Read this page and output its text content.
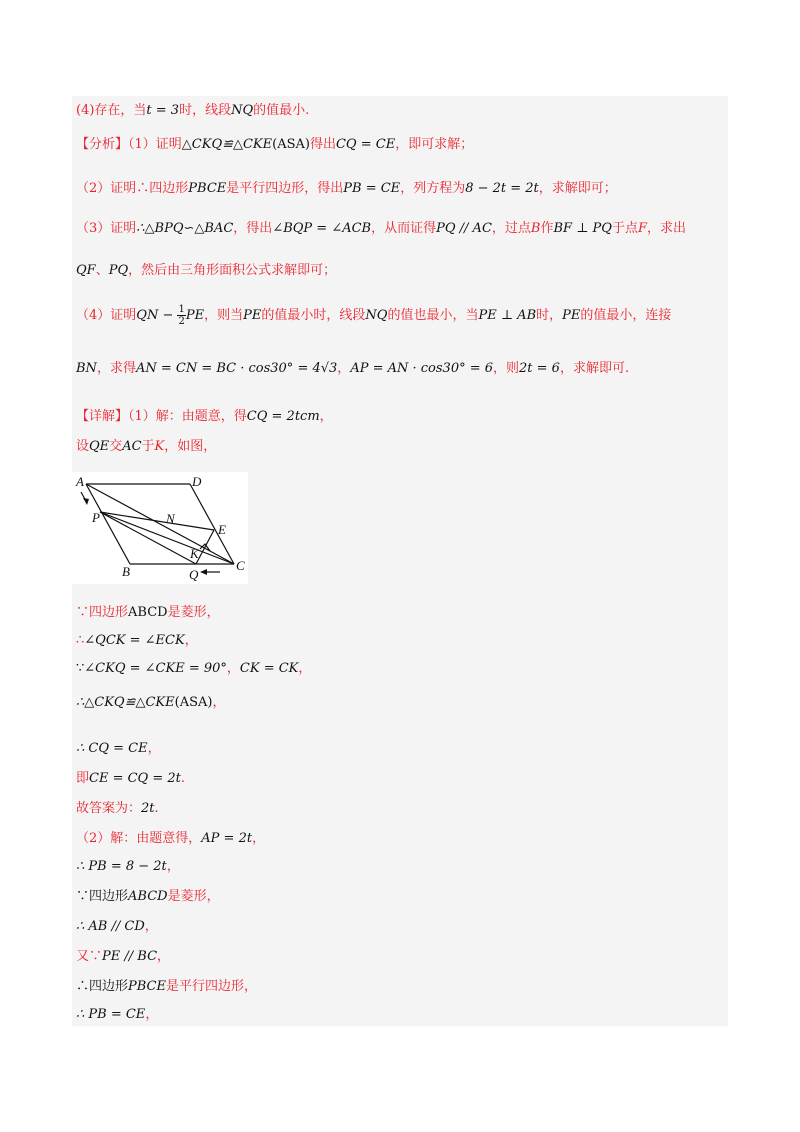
(4)存在，当t = 3时，线段NQ的值最小.
【分析】（1）证明△CKQ≌△CKE(ASA)得出CQ = CE，即可求解；
（2）证明∴四边形PBCE是平行四边形，得出PB = CE，列方程为8 − 2t = 2t，求解即可；
（3）证明∴△BPQ∽△BAC，得出∠BQP = ∠ACB，从而证得PQ // AC，过点B作BF ⊥ PQ于点F，求出
QF、PQ，然后由三角形面积公式求解即可；
（4）证明QN − $\frac{1}{2}$ PE，则当PE的值最小时，线段NQ的值也最小，当PE ⊥ AB时，PE的值最小，连接
BN，求得AN = CN = BC · cos30° = 4√3，AP = AN · cos30° = 6，则2t = 6，求解即可.
【详解】（1）解：由题意，得CQ = 2tcm，
设QE交AC于K，如图，
A	D
P	N
E
K
C
B	Q
∵四边形ABCD是菱形，
∴∠QCK = ∠ECK，
∵∠CKQ = ∠CKE = 90°，CK = CK，
∴△CKQ≌△CKE(ASA)，
∴ CQ = CE，
即CE = CQ = 2t.
故答案为：2t.
（2）解：由题意得，AP = 2t，
∴ PB = 8 − 2t，
∵四边形ABCD是菱形，
∴ AB // CD，
又∵PE // BC，
∴四边形PBCE是平行四边形，
∴ PB = CE，
